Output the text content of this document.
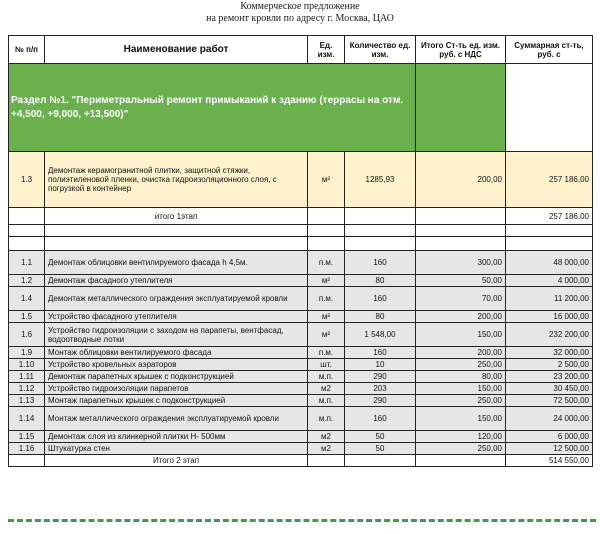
Коммерческое предложение
на ремонт кровли по адресу г. Москва, ЦАО
№ п/п	Наименование работ	Ед. изм.	Количество ед. изм.	Итого Ст-ть ед. изм. руб. с НДС	Суммарная ст-ть, руб. с
Раздел №1. "Периметральный ремонт примыканий к зданию (террасы на отм. +4,500, +9,000, +13,500)"					
1.3	Демонтаж керамогранитной плитки, защитной стяжки, полиэтиленовой пленки, очистка гидроизоляционного слоя, с погрузкой в контейнер	м²	1285,93	200,00	257 186,00
	итого 1этап				257 186,00

1.1	Демонтаж облицовки вентилируемого фасада h 4,5м.	п.м.	160	300,00	48 000,00
1.2	Демонтаж фасадного утеплителя	м²	80	50,00	4 000,00
1.4	Демонтаж металлического ограждения эксплуатируемой кровли	п.м.	160	70,00	11 200,00
1.5	Устройство фасадного утеплителя	м²	80	200,00	16 000,00
1.6	Устройство гидроизоляции с заходом на парапеты, вентфасад, водоотводные лотки	м²	1 548,00	150,00	232 200,00
1.9	Монтаж облицовки вентилируемого фасада	п.м.	160	200,00	32 000,00
1.10	Устройство кровельных аэраторов	шт.	10	250,00	2 500,00
1.11	Демонтаж парапетных крышек с подконструкцией	м.п.	290	80,00	23 200,00
1.12	Устройство гидроизоляции парапетов	м2	203	150,00	30 450,00
1.13	Монтаж парапетных крышек с подконструкцией	м.п.	290	250,00	72 500,00
1.14	Монтаж металлического ограждения эксплуатируемой кровли	м.п.	160	150,00	24 000,00
1.15	Демонтаж слоя из клинкерной плитки Н- 500мм	м2	50	120,00	6 000,00
1.16	Штукатурка стен	м2	50	250,00	12 500,00
	Итого 2 этап				514 550,00
